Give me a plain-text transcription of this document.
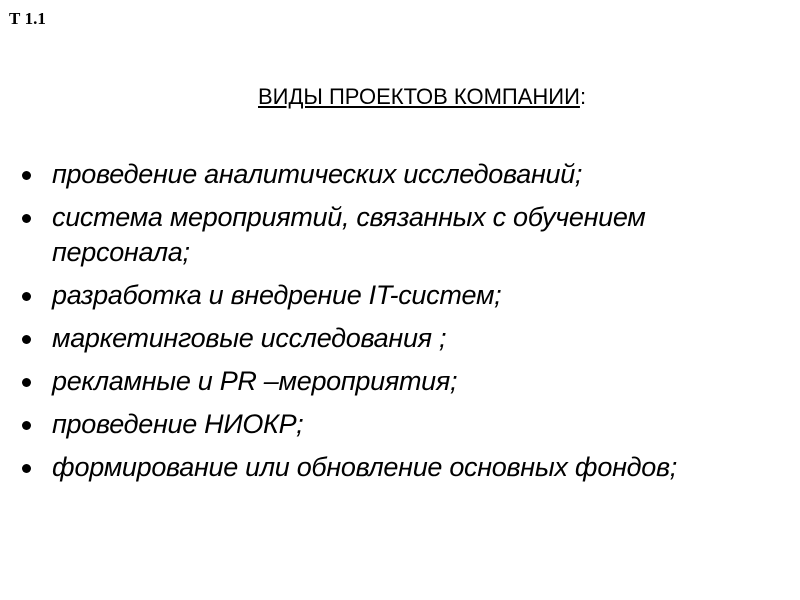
Т 1.1
ВИДЫ ПРОЕКТОВ КОМПАНИИ:
проведение аналитических исследований;
система мероприятий, связанных с обучением персонала;
разработка и внедрение IT-систем;
маркетинговые исследования ;
рекламные и PR –мероприятия;
проведение НИОКР;
формирование или обновление основных фондов;
